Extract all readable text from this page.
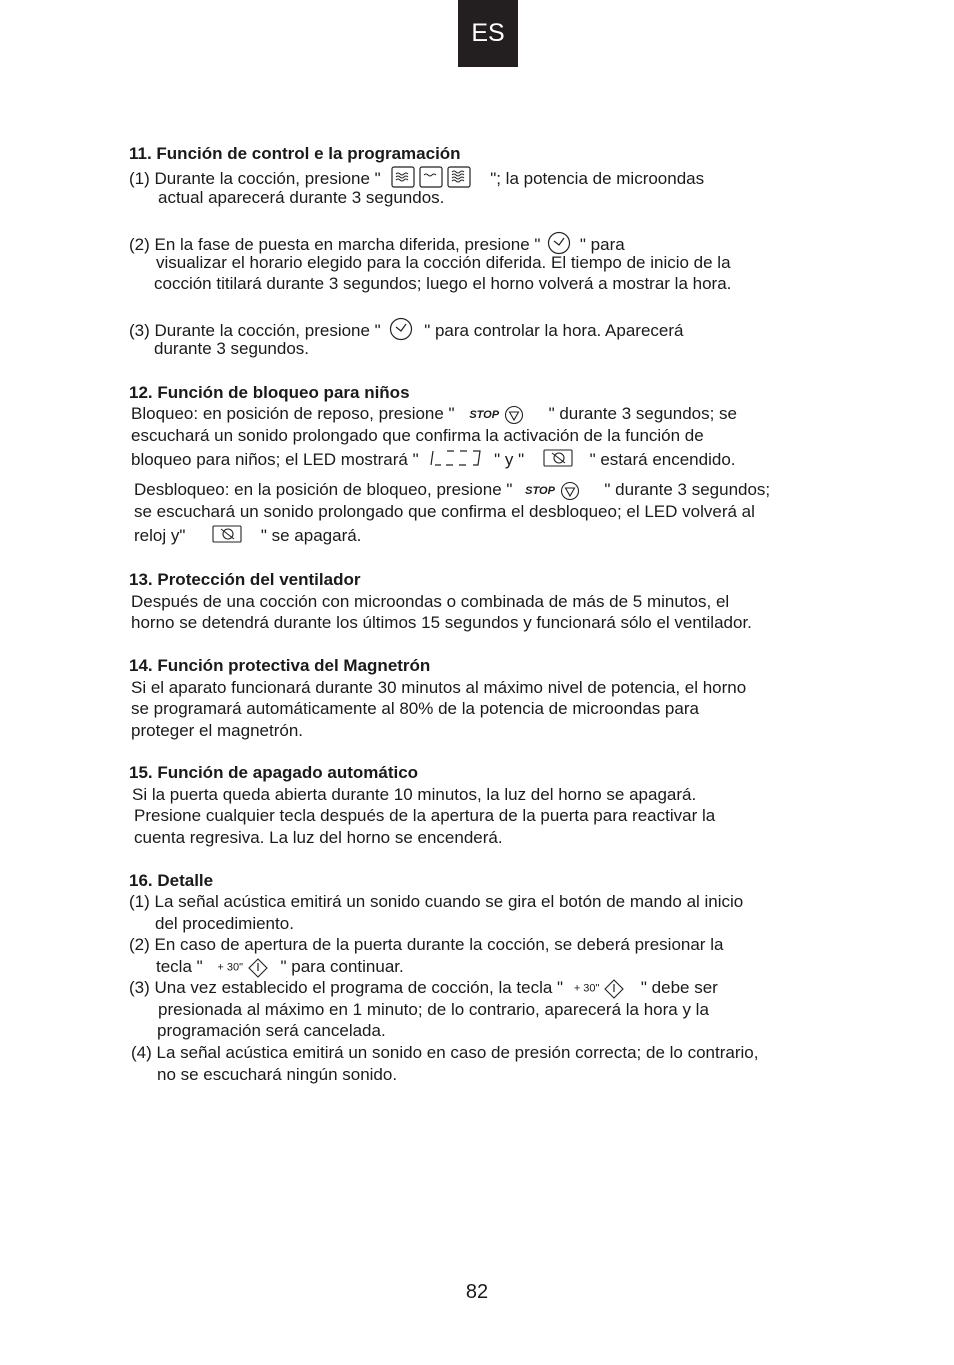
ES
11. Función de control e la programación
(1) Durante la cocción, presione "	"; la potencia de microondas
actual aparecerá durante 3 segundos.
(2) En la fase de puesta en marcha diferida, presione " " para
visualizar el horario elegido para la cocción diferida. El tiempo de inicio de la
cocción titilará durante 3 segundos; luego el horno volverá a mostrar la hora.
(3) Durante la cocción, presione "	" para controlar la hora. Aparecerá
durante 3 segundos.
12. Función de bloqueo para niños
Bloqueo: en posición de reposo, presione " $^{STOP}$	" durante 3 segundos; se
escuchará un sonido prolongado que confirma la activación de la función de
bloqueo para niños; el LED mostrará "	" y "	" estará encendido.
Desbloqueo: en la posición de bloqueo, presione " $^{STOP}$	" durante 3 segundos;
se escuchará un sonido prolongado que confirma el desbloqueo; el LED volverá al
reloj y"	" se apagará.
13. Protección del ventilador
Después de una cocción con microondas o combinada de más de 5 minutos, el
horno se detendrá durante los últimos 15 segundos y funcionará sólo el ventilador.
14. Función protectiva del Magnetrón
Si el aparato funcionará durante 30 minutos al máximo nivel de potencia, el horno
se programará automáticamente al 80% de la potencia de microondas para
proteger el magnetrón.
15. Función de apagado automático
Si la puerta queda abierta durante 10 minutos, la luz del horno se apagará.
Presione cualquier tecla después de la apertura de la puerta para reactivar la
cuenta regresiva. La luz del horno se encenderá.
16. Detalle
(1) La señal acústica emitirá un sonido cuando se gira el botón de mando al inicio
del procedimiento.
(2) En caso de apertura de la puerta durante la cocción, se deberá presionar la
tecla " + 30" " para continuar.
(3) Una vez establecido el programa de cocción, la tecla " + 30" " debe ser
presionada al máximo en 1 minuto; de lo contrario, aparecerá la hora y la
programación será cancelada.
(4) La señal acústica emitirá un sonido en caso de presión correcta; de lo contrario,
no se escuchará ningún sonido.
82
